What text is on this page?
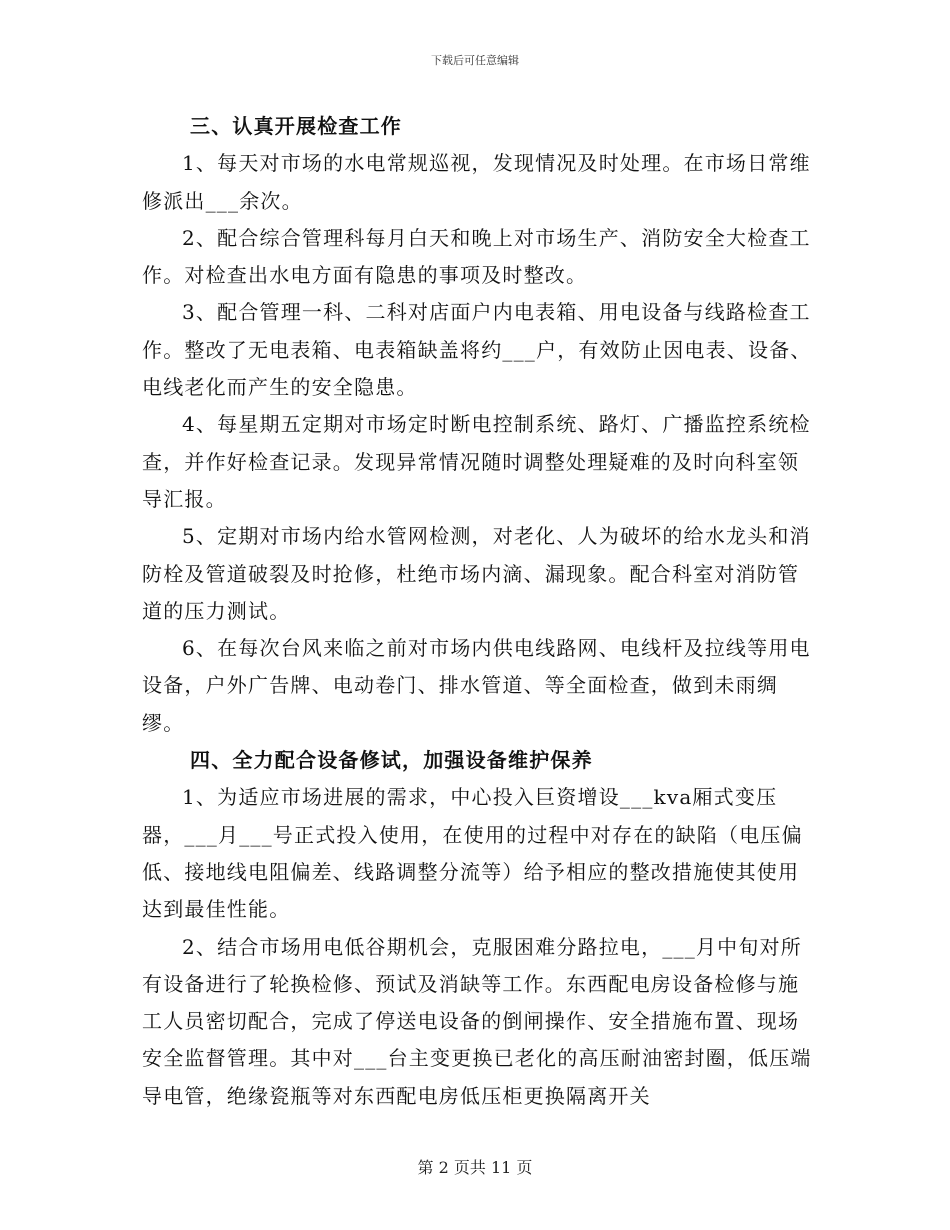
下载后可任意编辑

三、认真开展检查工作

1、每天对市场的水电常规巡视，发现情况及时处理。在市场日常维修派出___余次。

2、配合综合管理科每月白天和晚上对市场生产、消防安全大检查工作。对检查出水电方面有隐患的事项及时整改。

3、配合管理一科、二科对店面户内电表箱、用电设备与线路检查工作。整改了无电表箱、电表箱缺盖将约___户，有效防止因电表、设备、电线老化而产生的安全隐患。

4、每星期五定期对市场定时断电控制系统、路灯、广播监控系统检查，并作好检查记录。发现异常情况随时调整处理疑难的及时向科室领导汇报。

5、定期对市场内给水管网检测，对老化、人为破坏的给水龙头和消防栓及管道破裂及时抢修，杜绝市场内滴、漏现象。配合科室对消防管道的压力测试。

6、在每次台风来临之前对市场内供电线路网、电线杆及拉线等用电设备，户外广告牌、电动卷门、排水管道、等全面检查，做到未雨绸缪。

四、全力配合设备修试，加强设备维护保养

1、为适应市场进展的需求，中心投入巨资增设___kva厢式变压器，___月___号正式投入使用，在使用的过程中对存在的缺陷（电压偏低、接地线电阻偏差、线路调整分流等）给予相应的整改措施使其使用达到最佳性能。

2、结合市场用电低谷期机会，克服困难分路拉电，___月中旬对所有设备进行了轮换检修、预试及消缺等工作。东西配电房设备检修与施工人员密切配合，完成了停送电设备的倒闸操作、安全措施布置、现场安全监督管理。其中对___台主变更换已老化的高压耐油密封圈，低压端导电管，绝缘瓷瓶等对东西配电房低压柜更换隔离开关

第 2 页共 11 页
